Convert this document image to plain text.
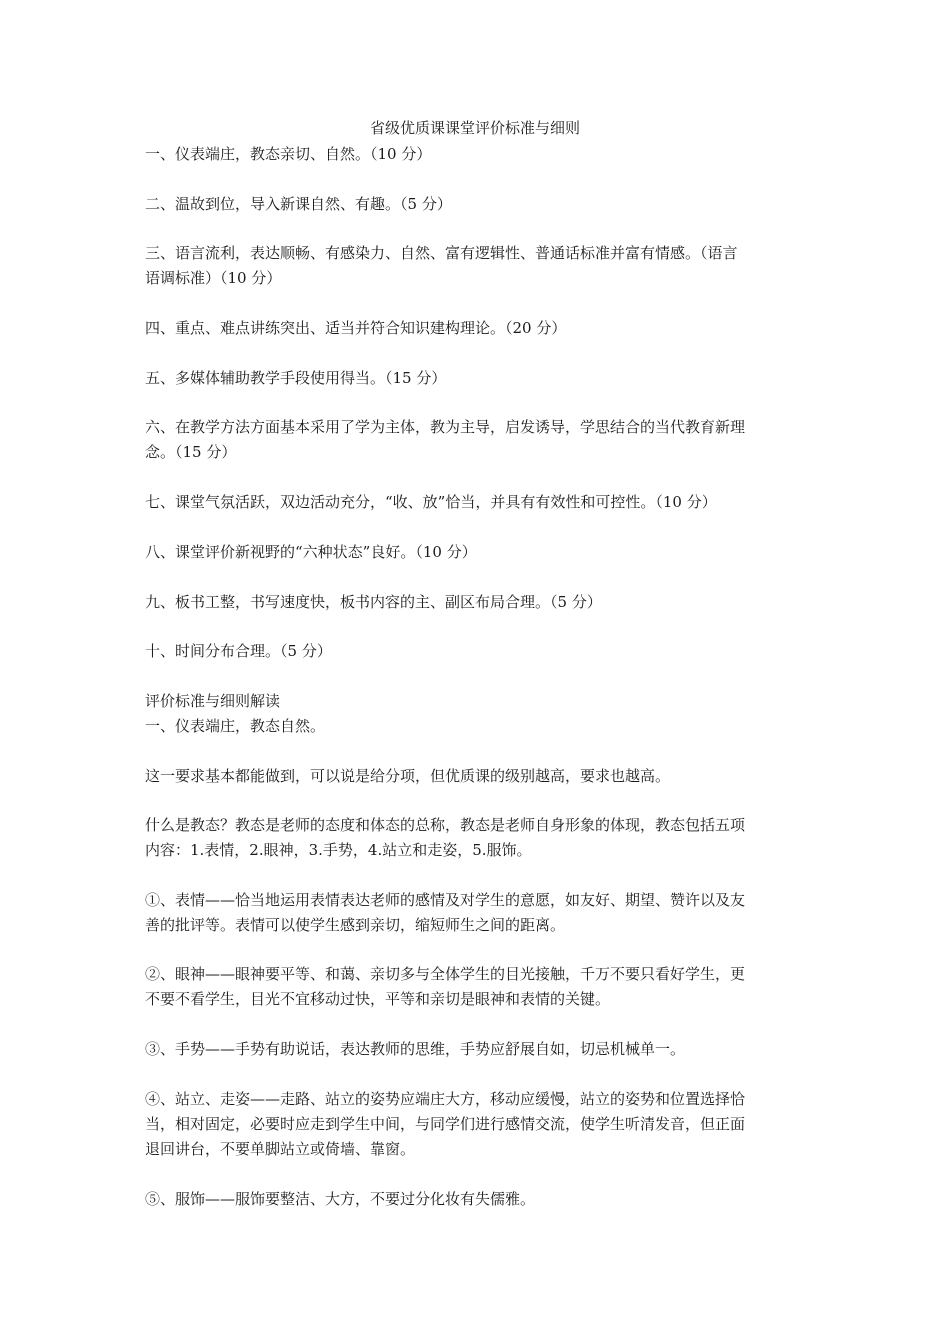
省级优质课课堂评价标准与细则

一、仪表端庄，教态亲切、自然。（10 分）

二、温故到位，导入新课自然、有趣。（5 分）

三、语言流利，表达顺畅、有感染力、自然、富有逻辑性、普通话标准并富有情感。（语言
语调标准）（10 分）

四、重点、难点讲练突出、适当并符合知识建构理论。（20 分）

五、多媒体辅助教学手段使用得当。（15 分）

六、在教学方法方面基本采用了学为主体，教为主导，启发诱导，学思结合的当代教育新理
念。（15 分）

七、课堂气氛活跃，双边活动充分，“收、放”恰当，并具有有效性和可控性。（10 分）

八、课堂评价新视野的“六种状态”良好。（10 分）

九、板书工整，书写速度快，板书内容的主、副区布局合理。（5 分）

十、时间分布合理。（5 分）

评价标准与细则解读

一、仪表端庄，教态自然。

这一要求基本都能做到，可以说是给分项，但优质课的级别越高，要求也越高。

什么是教态？教态是老师的态度和体态的总称，教态是老师自身形象的体现，教态包括五项
内容：1.表情，2.眼神，3.手势，4.站立和走姿，5.服饰。

①、表情——恰当地运用表情表达老师的感情及对学生的意愿，如友好、期望、赞许以及友
善的批评等。表情可以使学生感到亲切，缩短师生之间的距离。

②、眼神——眼神要平等、和蔼、亲切多与全体学生的目光接触，千万不要只看好学生，更
不要不看学生，目光不宜移动过快，平等和亲切是眼神和表情的关键。

③、手势——手势有助说话，表达教师的思维，手势应舒展自如，切忌机械单一。

④、站立、走姿——走路、站立的姿势应端庄大方，移动应缓慢，站立的姿势和位置选择恰
当，相对固定，必要时应走到学生中间，与同学们进行感情交流，使学生听清发音，但正面
退回讲台，不要单脚站立或倚墙、靠窗。

⑤、服饰——服饰要整洁、大方，不要过分化妆有失儒雅。
